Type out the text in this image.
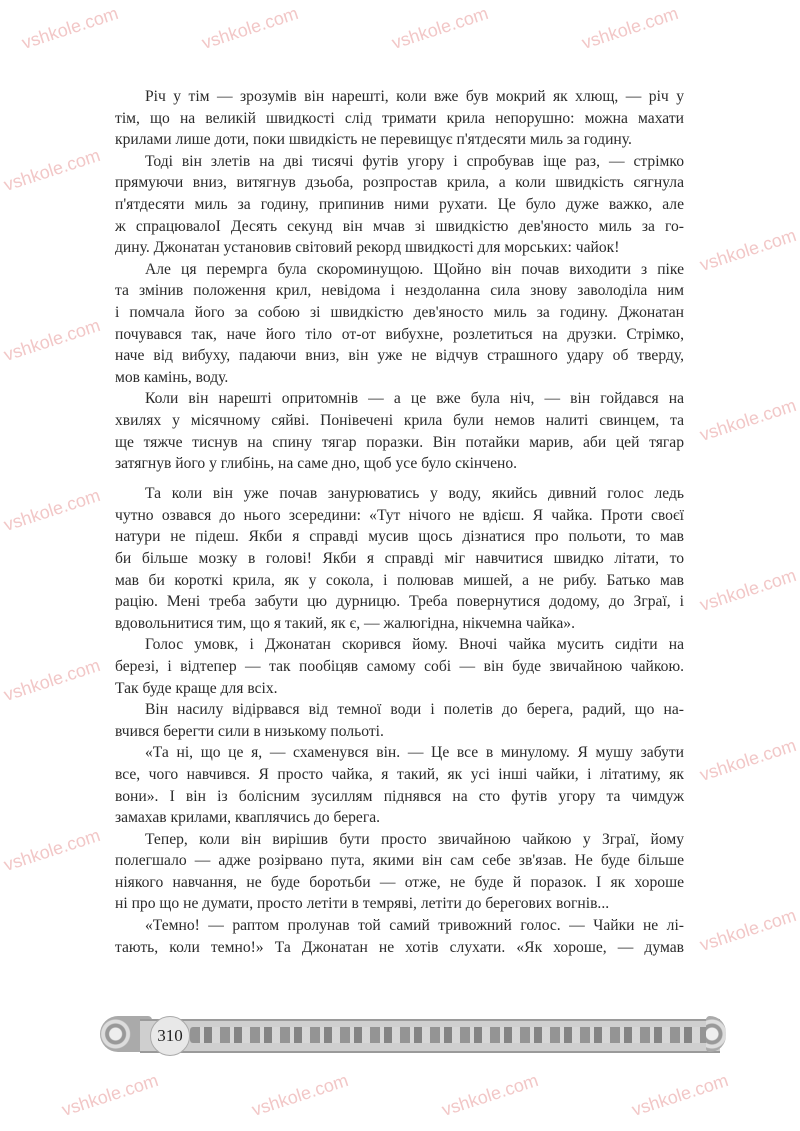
vshkole.com	vshkole.com	vshkole.com	vshkole.com
vshkole.com
vshkole.com
vshkole.com
vshkole.com
vshkole.com
vshkole.com
vshkole.com
vshkole.com
vshkole.com
vshkole.com
vshkole.com	vshkole.com	vshkole.com	vshkole.com
Річ у тім — зрозумів він нарешті, коли вже був мокрий як хлющ, — річ у
тім, що на великій швидкості слід тримати крила непорушно: можна махати
крилами лише доти, поки швидкість не перевищує п'ятдесяти миль за годину.
Тоді він злетів на дві тисячі футів угору і спробував іще раз, — стрімко
прямуючи вниз, витягнув дзьоба, розпростав крила, а коли швидкість сягнула
п'ятдесяти миль за годину, припинив ними рухати. Це було дуже важко, але
ж спрацювалоІ Десять секунд він мчав зі швидкістю дев'яносто миль за го-
дину. Джонатан установив світовий рекорд швидкості для морських: чайок!
Але ця перемрга була скороминущою. Щойно він почав виходити з піке
та змінив положення крил, невідома і нездоланна сила знову заволоділа ним
і помчала його за собою зі швидкістю дев'яносто миль за годину. Джонатан
почувався так, наче його тіло от-от вибухне, розлетиться на друзки. Стрімко,
наче від вибуху, падаючи вниз, він уже не відчув страшного удару об тверду,
мов камінь, воду.
Коли він нарешті опритомнів — а це вже була ніч, — він гойдався на
хвилях у місячному сяйві. Понівечені крила були немов налиті свинцем, та
ще тяжче тиснув на спину тягар поразки. Він потайки марив, аби цей тягар
затягнув його у глибінь, на саме дно, щоб усе було скінчено.
Та коли він уже почав занурюватись у воду, якийсь дивний голос ледь
чутно озвався до нього зсередини: «Тут нічого не вдієш. Я чайка. Проти своєї
натури не підеш. Якби я справді мусив щось дізнатися про польоти, то мав
би більше мозку в голові! Якби я справді міг навчитися швидко літати, то
мав би короткі крила, як у сокола, і полював мишей, а не рибу. Батько мав
рацію. Мені треба забути цю дурницю. Треба повернутися додому, до Зграї, і
вдовольнитися тим, що я такий, як є, — жалюгідна, нікчемна чайка».
Голос умовк, і Джонатан скорився йому. Вночі чайка мусить сидіти на
березі, і відтепер — так пообіцяв самому собі — він буде звичайною чайкою.
Так буде краще для всіх.
Він насилу відірвався від темної води і полетів до берега, радий, що на-
вчився берегти сили в низькому польоті.
«Та ні, що це я, — схаменувся він. — Це все в минулому. Я мушу забути
все, чого навчився. Я просто чайка, я такий, як усі інші чайки, і літатиму, як
вони». І він із болісним зусиллям піднявся на сто футів угору та чимдуж
замахав крилами, кваплячись до берега.
Тепер, коли він вирішив бути просто звичайною чайкою у Зграї, йому
полегшало — адже розірвано пута, якими він сам себе зв'язав. Не буде більше
ніякого навчання, не буде боротьби — отже, не буде й поразок. І як хороше
ні про що не думати, просто летіти в темряві, летіти до берегових вогнів...
«Темно! — раптом пролунав той самий тривожний голос. — Чайки не лі-
тають, коли темно!» Та Джонатан не хотів слухати. «Як хороше, — думав
310
